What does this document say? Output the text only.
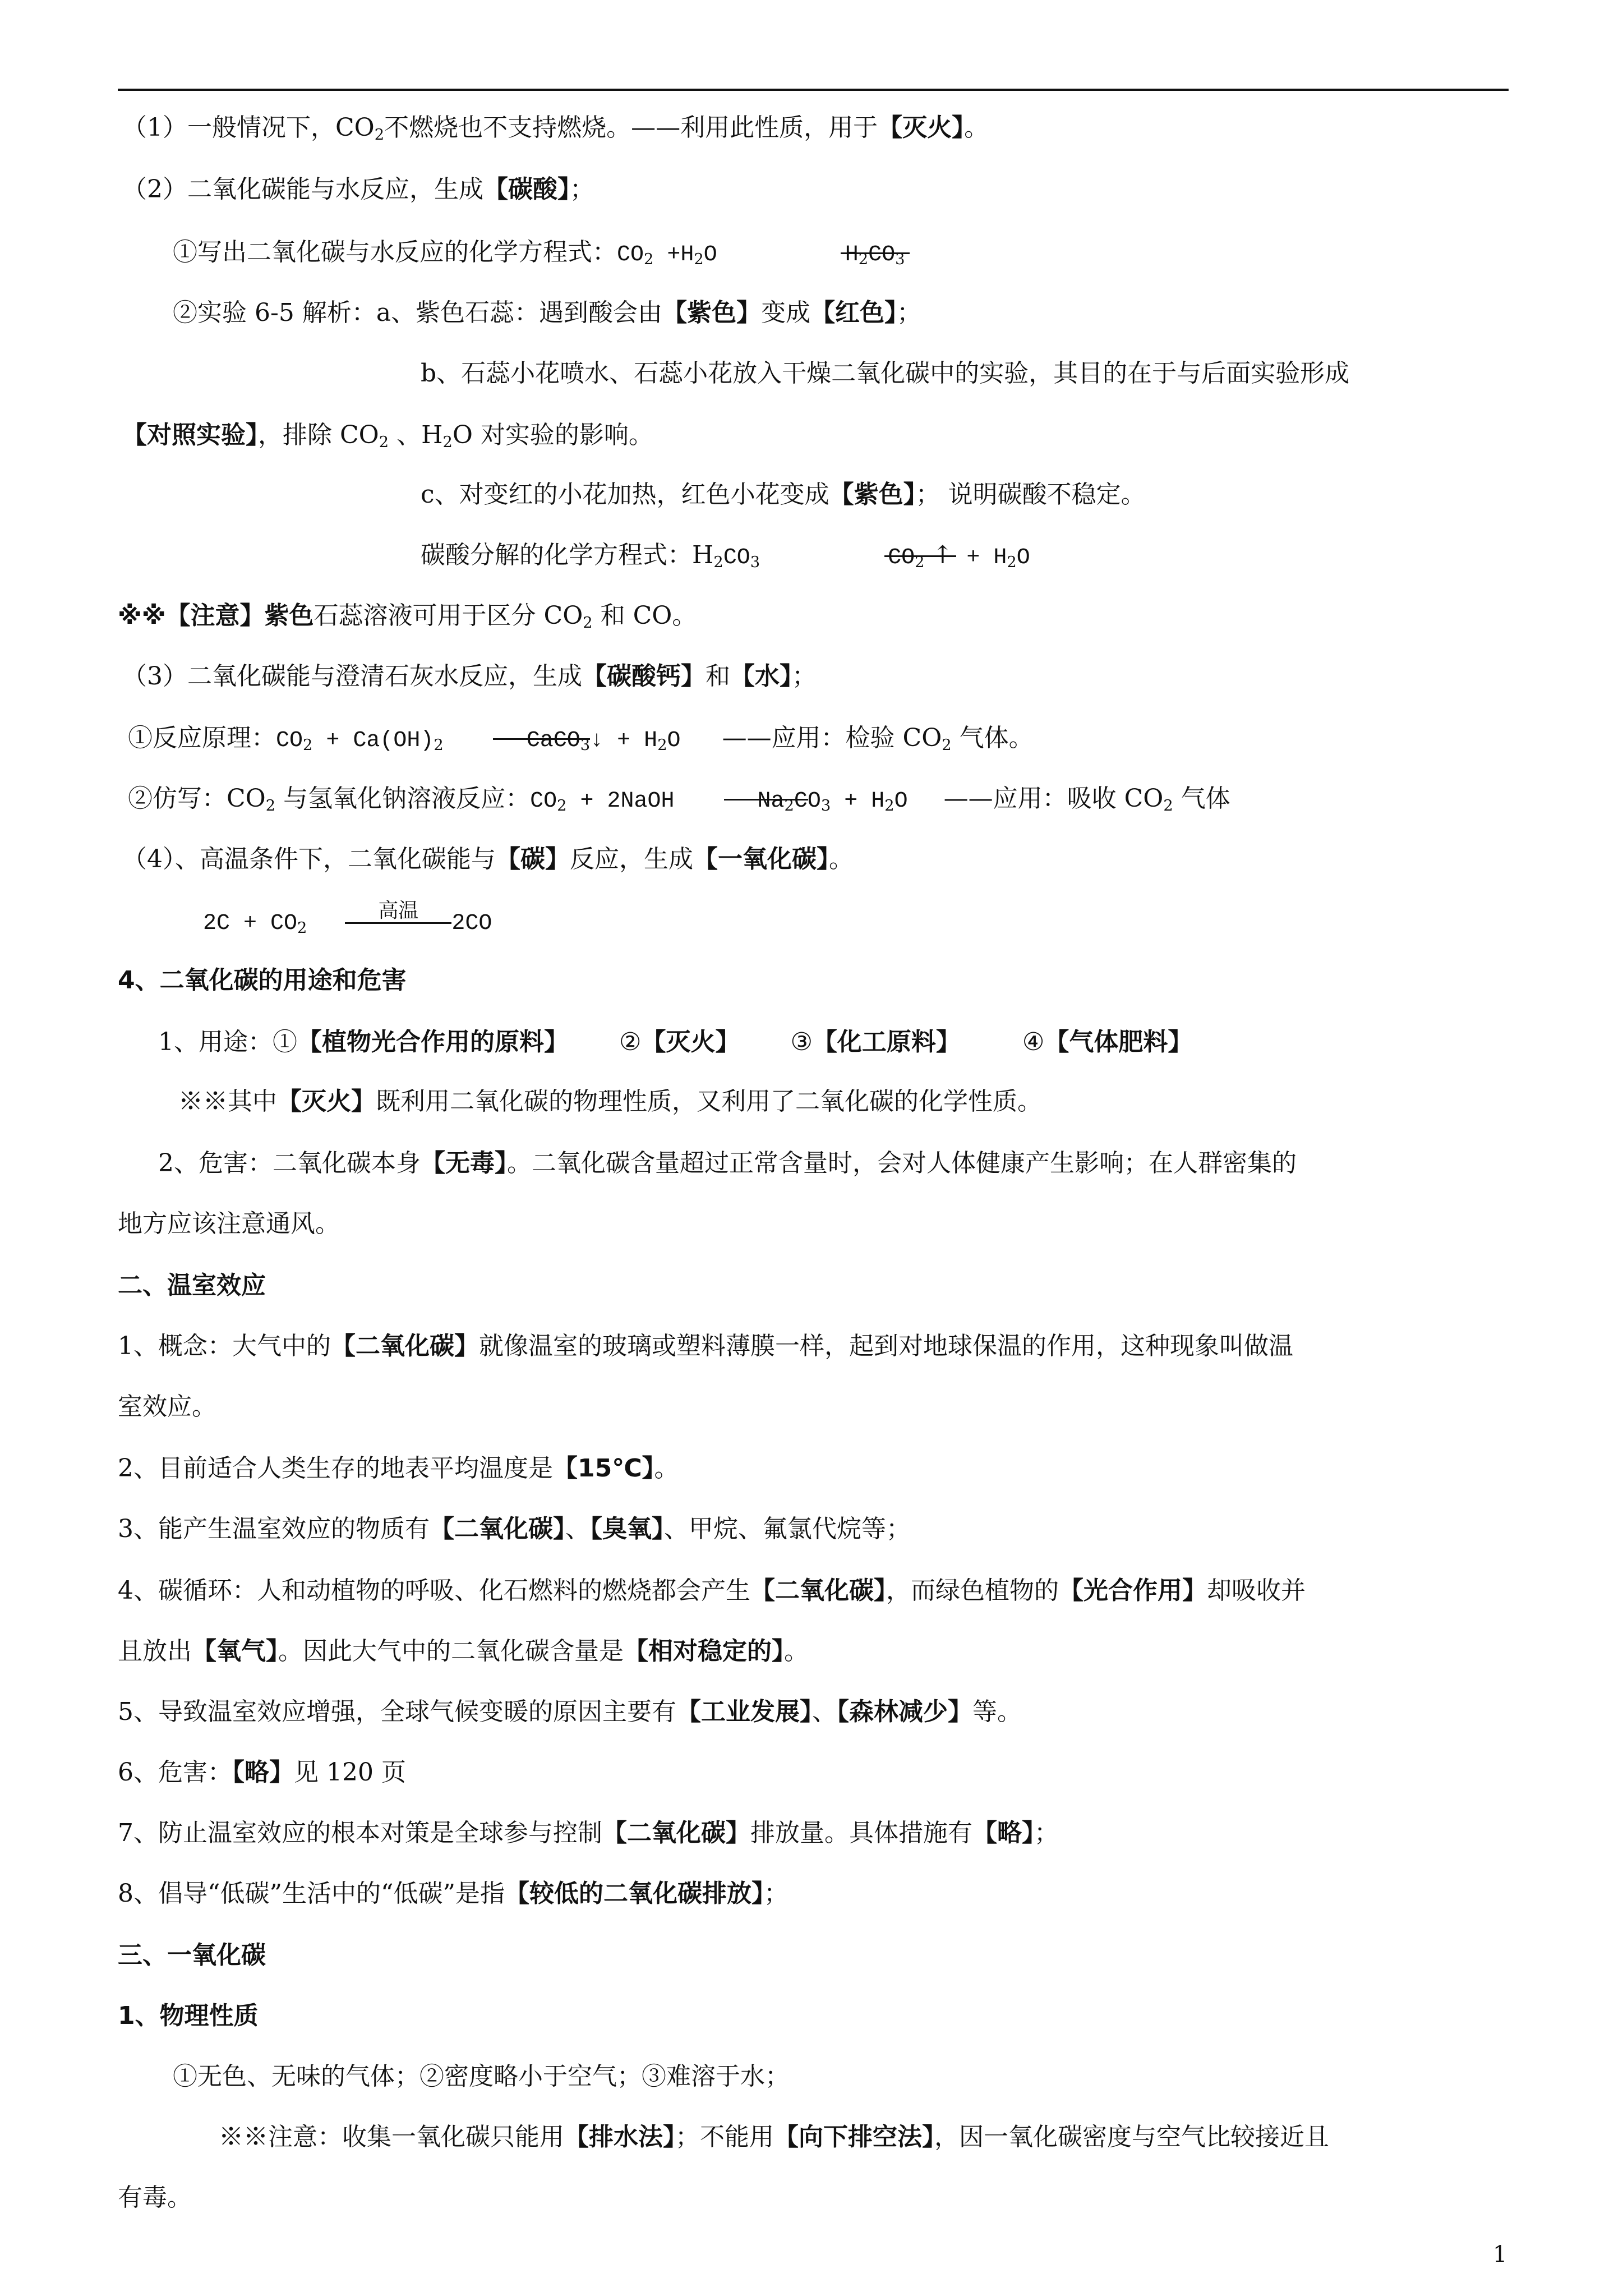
（1）一般情况下，$CO_2$不燃烧也不支持燃烧。——利用此性质，用于【灭火】。
（2）二氧化碳能与水反应，生成【碳酸】；
①写出二氧化碳与水反应的化学方程式：$CO_2 +H_2O$	$H_2CO_3$
②实验 6-5 解析：a、紫色石蕊：遇到酸会由【紫色】变成【红色】；
b、石蕊小花喷水、石蕊小花放入干燥二氧化碳中的实验，其目的在于与后面实验形成
【对照实验】，排除 $CO_2$ 、$H_2O$ 对实验的影响。
c、对变红的小花加热，红色小花变成【紫色】； 说明碳酸不稳定。
碳酸分解的化学方程式：$H_2CO_3$	$CO_2$ ↑
+ $H_2O$
※※【注意】紫色石蕊溶液可用于区分 $CO_2$ 和 CO。
（3）二氧化碳能与澄清石灰水反应，生成【碳酸钙】和【水】；
①反应原理：$CO_2 + Ca(OH)_2$	CaCO$_3$
↓ + $H_2O$ ——应用：检验 $CO_2$ 气体。
②仿写：$CO_2$ 与氢氧化钠溶液反应：$CO_2$ + 2NaOH	$Na_2CO_3$
+ $H_2O$ ——应用：吸收 $CO_2$ 气体
（4）、高温条件下，二氧化碳能与【碳】反应，生成【一氧化碳】。
$2C + CO_2$
高温
2CO
4、二氧化碳的用途和危害
1、用途：①【植物光合作用的原料】 ②【灭火】 ③【化工原料】	④【气体肥料】
※※其中【灭火】既利用二氧化碳的物理性质，又利用了二氧化碳的化学性质。
2、危害：二氧化碳本身【无毒】。二氧化碳含量超过正常含量时，会对人体健康产生影响；在人群密集的
地方应该注意通风。
二、温室效应
1、概念：大气中的【二氧化碳】就像温室的玻璃或塑料薄膜一样，起到对地球保温的作用，这种现象叫做温
室效应。
2、目前适合人类生存的地表平均温度是【15℃】。
3、能产生温室效应的物质有【二氧化碳】、【臭氧】、甲烷、氟氯代烷等；
4、碳循环：人和动植物的呼吸、化石燃料的燃烧都会产生【二氧化碳】，而绿色植物的【光合作用】却吸收并
且放出【氧气】。因此大气中的二氧化碳含量是【相对稳定的】。
5、导致温室效应增强，全球气候变暖的原因主要有【工业发展】、【森林减少】等。
6、危害：【略】见 120 页
7、防止温室效应的根本对策是全球参与控制【二氧化碳】排放量。具体措施有【略】；
8、倡导“低碳”生活中的“低碳”是指【较低的二氧化碳排放】；
三、一氧化碳
1、物理性质
①无色、无味的气体；②密度略小于空气；③难溶于水；
※※注意：收集一氧化碳只能用【排水法】；不能用【向下排空法】，因一氧化碳密度与空气比较接近且
有毒。
1
